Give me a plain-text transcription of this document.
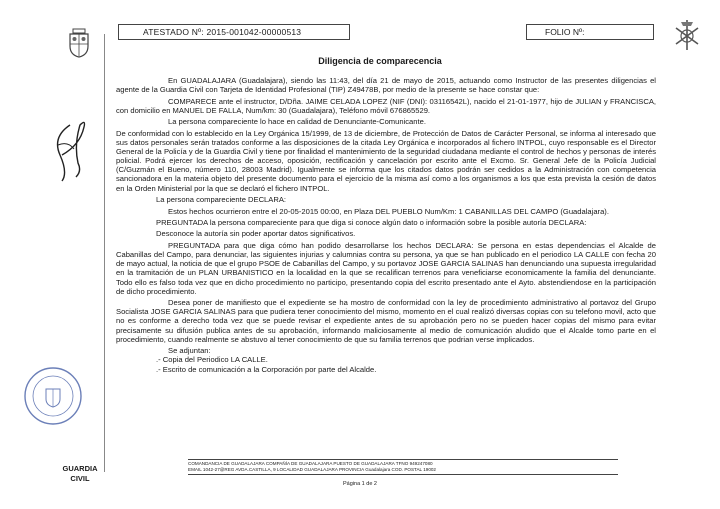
GUARDIA
CIVIL
ATESTADO Nº: 2015-001042-00000513	FOLIO Nº:
Diligencia de comparecencia

En GUADALAJARA (Guadalajara), siendo las 11:43, del día 21 de mayo de 2015, actuando como Instructor de las presentes diligencias el agente de la Guardia Civil con Tarjeta de Identidad Profesional (TIP) Z49478B, por medio de la presente se hace constar que:

COMPARECE ante el instructor, D/Dña. JAIME CELADA LOPEZ (NIF (DNI): 03116542L), nacido el 21-01-1977, hijo de JULIAN y FRANCISCA, con domicilio en MANUEL DE FALLA, Num/km: 30 (Guadalajara), Teléfono móvil 676865529.

La persona compareciente lo hace en calidad de Denunciante-Comunicante.

De conformidad con lo establecido en la Ley Orgánica 15/1999, de 13 de diciembre, de Protección de Datos de Carácter Personal, se informa al interesado que sus datos personales serán tratados conforme a las disposiciones de la citada Ley Orgánica e incorporados al fichero INTPOL, cuyo responsable es el Director General de la Policía y de la Guardia Civil y tiene por finalidad el mantenimiento de la seguridad ciudadana mediante el control de hechos y personas de interés policial. Podrá ejercer los derechos de acceso, oposición, rectificación y cancelación por escrito ante el Excmo. Sr. General Jefe de la Policía Judicial (C/Guzmán el Bueno, número 110, 28003 Madrid). Igualmente se informa que los citados datos podrán ser cedidos a la Administración con competencia sancionadora en la materia objeto del presente documento para el ejercicio de la misma así como a los organismos a los que esta prevista la cesión de datos en la Orden Ministerial por la que se declaró el fichero INTPOL.

La persona compareciente DECLARA:

Estos hechos ocurrieron entre el 20-05-2015 00:00, en Plaza DEL PUEBLO Num/Km: 1 CABANILLAS DEL CAMPO (Guadalajara).

PREGUNTADA la persona compareciente para que diga si conoce algún dato o información sobre la posible autoría DECLARA:

Desconoce la autoría sin poder aportar datos significativos.

PREGUNTADA para que diga cómo han podido desarrollarse los hechos DECLARA: Se persona en estas dependencias el Alcalde de Cabanillas del Campo, para denunciar, las siguientes injurias y calumnias contra su persona, ya que se han publicado en el periodico LA CALLE con fecha 20 de mayo actual, la noticia de que el grupo PSOE de Cabanillas del Campo, y su portavoz JOSE GARCIA SALINAS han denunciando una supuesta irregularidad en la tramitación de un PLAN URBANISTICO en la localidad en la que se recalifican terrenos para veneficiarse economicamente la familia del denunciante. Todo ello es falso toda vez que en dicho procedimiento no participo, presentando copia del escrito presentado ante el Ayto. abstendiendose en la participación de dicho procedimiento.

Desea poner de manifiesto que el expediente se ha mostro de conformidad con la ley de procedimiento administrativo al portavoz del Grupo Socialista JOSE GARCIA SALINAS para que pudiera tener conocimiento del mismo, momento en el cual realizó diversas copias con su telefono movil, acto que no es conforme a derecho toda vez que se puede revisar el expediente antes de su aprobación pero no se pueden hacer copias del mismo para evitar precisamente su difusión publica antes de su aprobación, informando maliciosamente al medio de comunicación aludido que el Alcalde tomo parte en el procedimiento, cuando realmente se abstuvo al tener conocimiento de que su familia terrenos que podrian verse implicados.

Se adjuntan:

.- Copia del Periodico LA CALLE.

.- Escrito de comunicación a la Corporación por parte del Alcalde.

COMANDANCIA DE GUADALAJARA COMPAÑÍA DE GUADALAJARA PUESTO DE GUADALAJARA TFNO 949247080
EMAIL 1042-27@REG AVDA.CASTILLA, 9 LOCALIDAD GUADALAJARA PROVINCIA Guadalajara COD. POSTAL 19002
Página 1 de 2
